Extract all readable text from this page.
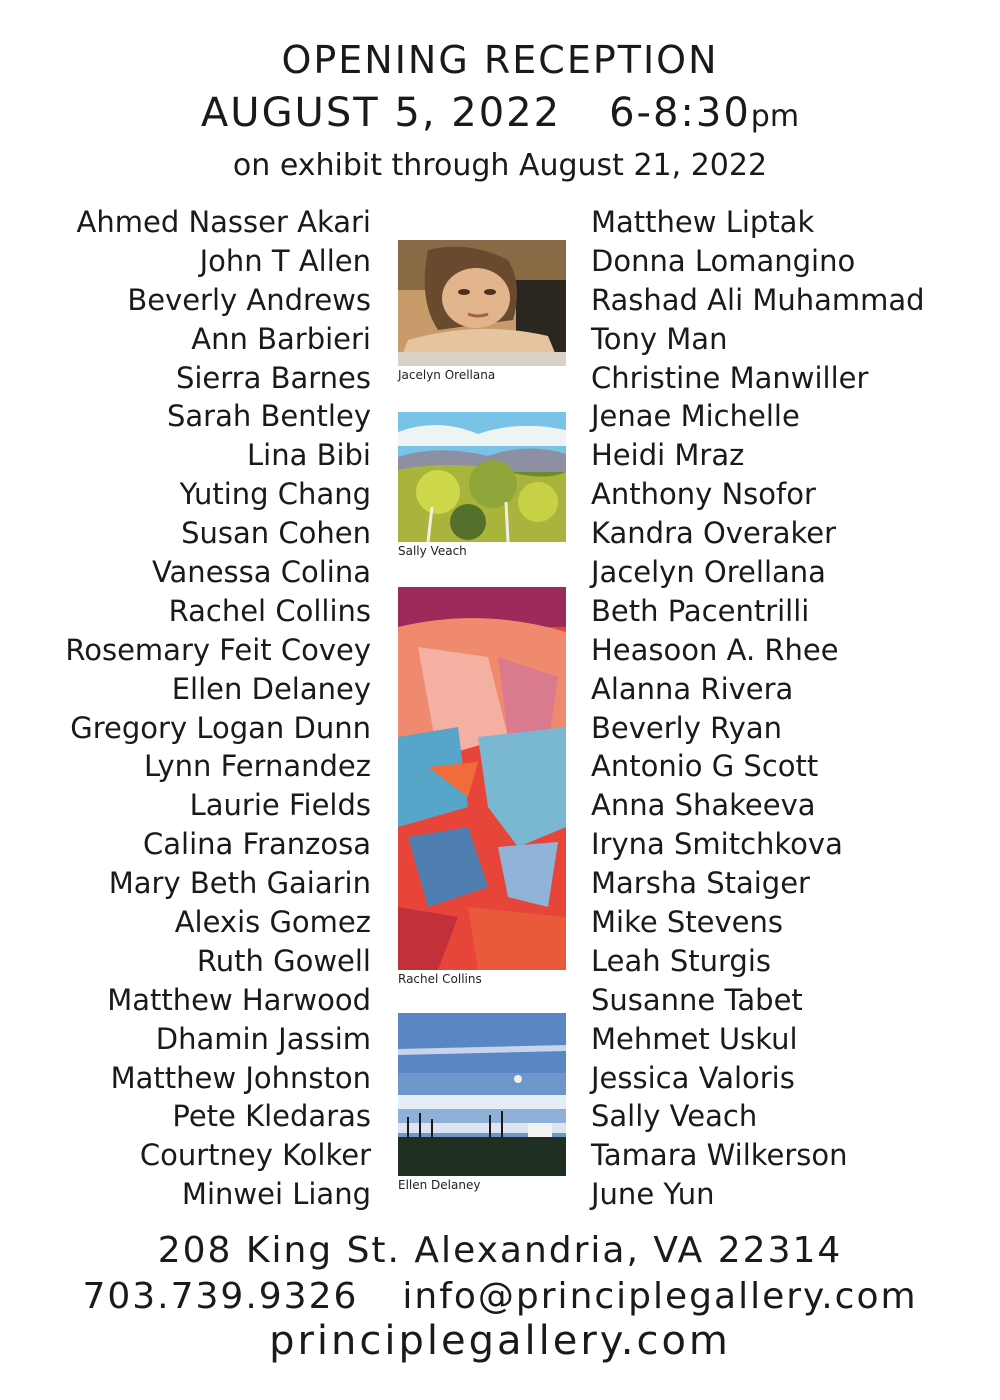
OPENING RECEPTION
AUGUST 5, 2022 6-8:30pm
on exhibit through August 21, 2022
Ahmed Nasser Akari
John T Allen
Beverly Andrews
Ann Barbieri
Sierra Barnes
Sarah Bentley
Lina Bibi
Yuting Chang
Susan Cohen
Vanessa Colina
Rachel Collins
Rosemary Feit Covey
Ellen Delaney
Gregory Logan Dunn
Lynn Fernandez
Laurie Fields
Calina Franzosa
Mary Beth Gaiarin
Alexis Gomez
Ruth Gowell
Matthew Harwood
Dhamin Jassim
Matthew Johnston
Pete Kledaras
Courtney Kolker
Minwei Liang
Matthew Liptak
Donna Lomangino
Rashad Ali Muhammad
Tony Man
Christine Manwiller
Jenae Michelle
Heidi Mraz
Anthony Nsofor
Kandra Overaker
Jacelyn Orellana
Beth Pacentrilli
Heasoon A. Rhee
Alanna Rivera
Beverly Ryan
Antonio G Scott
Anna Shakeeva
Iryna Smitchkova
Marsha Staiger
Mike Stevens
Leah Sturgis
Susanne Tabet
Mehmet Uskul
Jessica Valoris
Sally Veach
Tamara Wilkerson
June Yun
Jacelyn Orellana
Sally Veach
Rachel Collins
Ellen Delaney
208 King St. Alexandria, VA 22314
703.739.9326 info@principlegallery.com
principlegallery.com
